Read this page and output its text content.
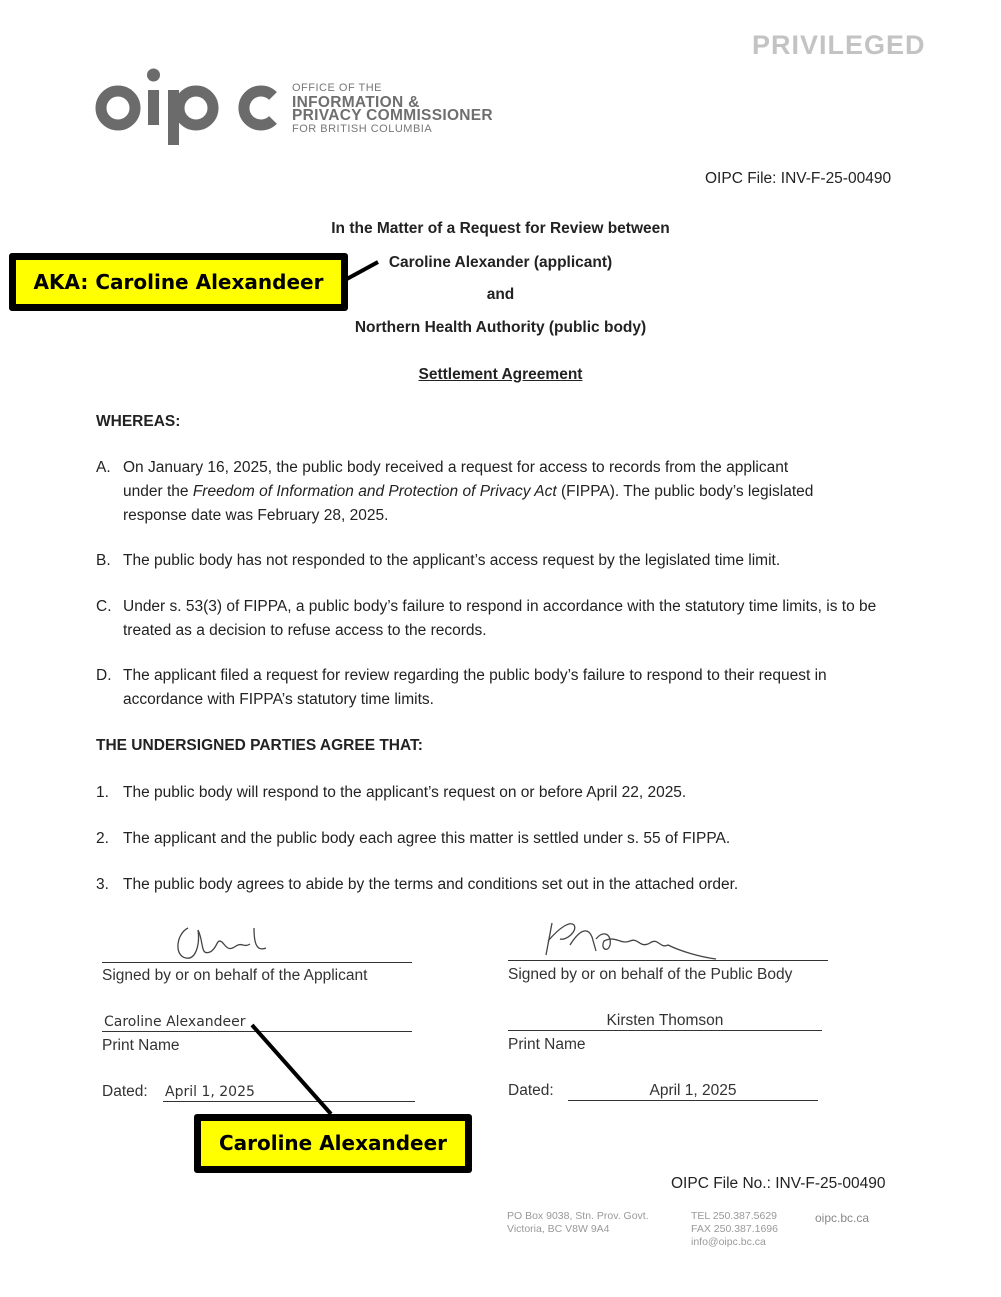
PRIVILEGED
OFFICE OF THE
INFORMATION &
PRIVACY COMMISSIONER
FOR BRITISH COLUMBIA
OIPC File: INV-F-25-00490
In the Matter of a Request for Review between
Caroline Alexander (applicant)
and
Northern Health Authority (public body)
Settlement Agreement
WHEREAS:
A. On January 16, 2025, the public body received a request for access to records from the applicant
under the Freedom of Information and Protection of Privacy Act (FIPPA). The public body’s legislated
response date was February 28, 2025.
B. The public body has not responded to the applicant’s access request by the legislated time limit.
C. Under s. 53(3) of FIPPA, a public body’s failure to respond in accordance with the statutory time limits, is to be treated as a decision to refuse access to the records.
D. The applicant filed a request for review regarding the public body’s failure to respond to their request in accordance with FIPPA’s statutory time limits.
THE UNDERSIGNED PARTIES AGREE THAT:
1. The public body will respond to the applicant’s request on or before April 22, 2025.
2. The applicant and the public body each agree this matter is settled under s. 55 of FIPPA.
3. The public body agrees to abide by the terms and conditions set out in the attached order.
Signed by or on behalf of the Applicant	Signed by or on behalf of the Public Body
Caroline Alexandeer
Print Name
Kirsten Thomson
Print Name
Dated: April 1, 2025	Dated:	April 1, 2025
AKA: Caroline Alexandeer
Caroline Alexandeer
OIPC File No.: INV-F-25-00490
PO Box 9038, Stn. Prov. Govt.
Victoria, BC V8W 9A4
TEL 250.387.5629
FAX 250.387.1696
info@oipc.bc.ca
oipc.bc.ca
